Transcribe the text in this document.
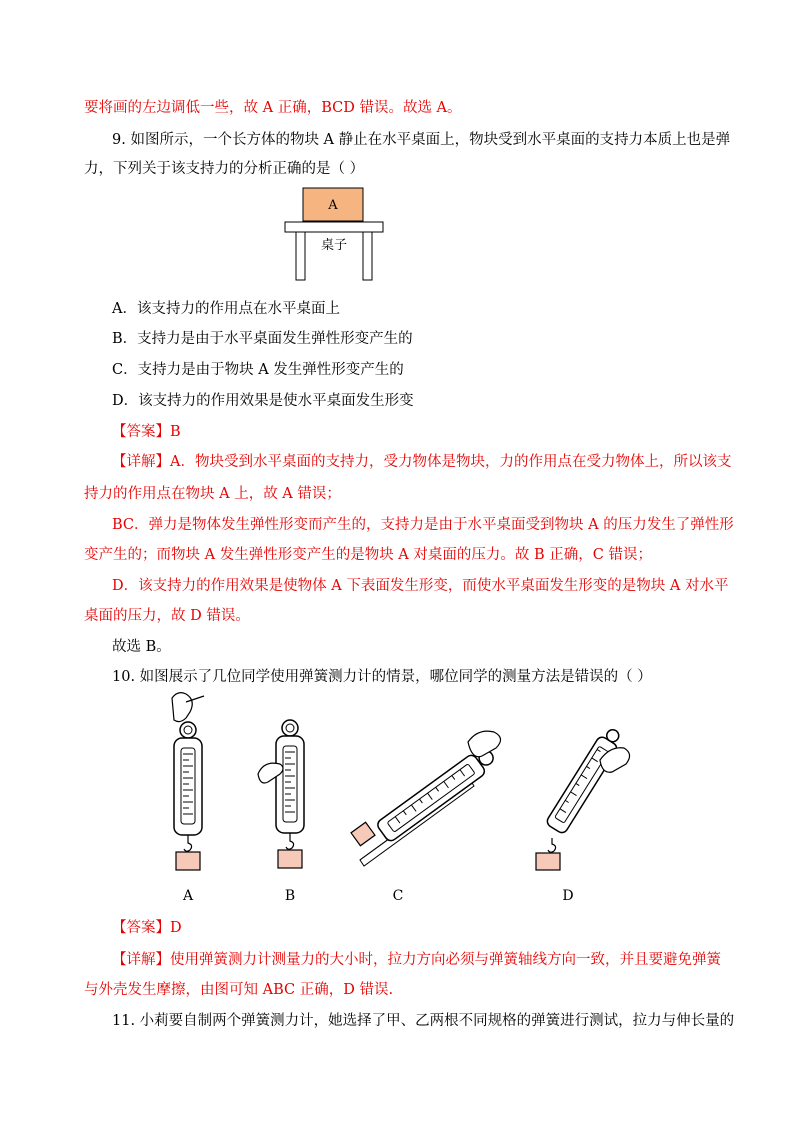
要将画的左边调低一些，故 A 正确，BCD 错误。故选 A。
9. 如图所示，一个长方体的物块 A 静止在水平桌面上，物块受到水平桌面的支持力本质上也是弹
力，下列关于该支持力的分析正确的是（ ）
A
桌子
A．该支持力的作用点在水平桌面上
B．支持力是由于水平桌面发生弹性形变产生的
C．支持力是由于物块 A 发生弹性形变产生的
D．该支持力的作用效果是使水平桌面发生形变
【答案】B
【详解】A．物块受到水平桌面的支持力，受力物体是物块，力的作用点在受力物体上，所以该支
持力的作用点在物块 A 上，故 A 错误；
BC．弹力是物体发生弹性形变而产生的，支持力是由于水平桌面受到物块 A 的压力发生了弹性形
变产生的；而物块 A 发生弹性形变产生的是物块 A 对桌面的压力。故 B 正确，C 错误；
D．该支持力的作用效果是使物体 A 下表面发生形变，而使水平桌面发生形变的是物块 A 对水平
桌面的压力，故 D 错误。
故选 B。
10. 如图展示了几位同学使用弹簧测力计的情景，哪位同学的测量方法是错误的（ ）
A	B	C	D
【答案】D
【详解】使用弹簧测力计测量力的大小时，拉力方向必须与弹簧轴线方向一致，并且要避免弹簧
与外壳发生摩擦，由图可知 ABC 正确，D 错误.
11. 小莉要自制两个弹簧测力计，她选择了甲、乙两根不同规格的弹簧进行测试，拉力与伸长量的
